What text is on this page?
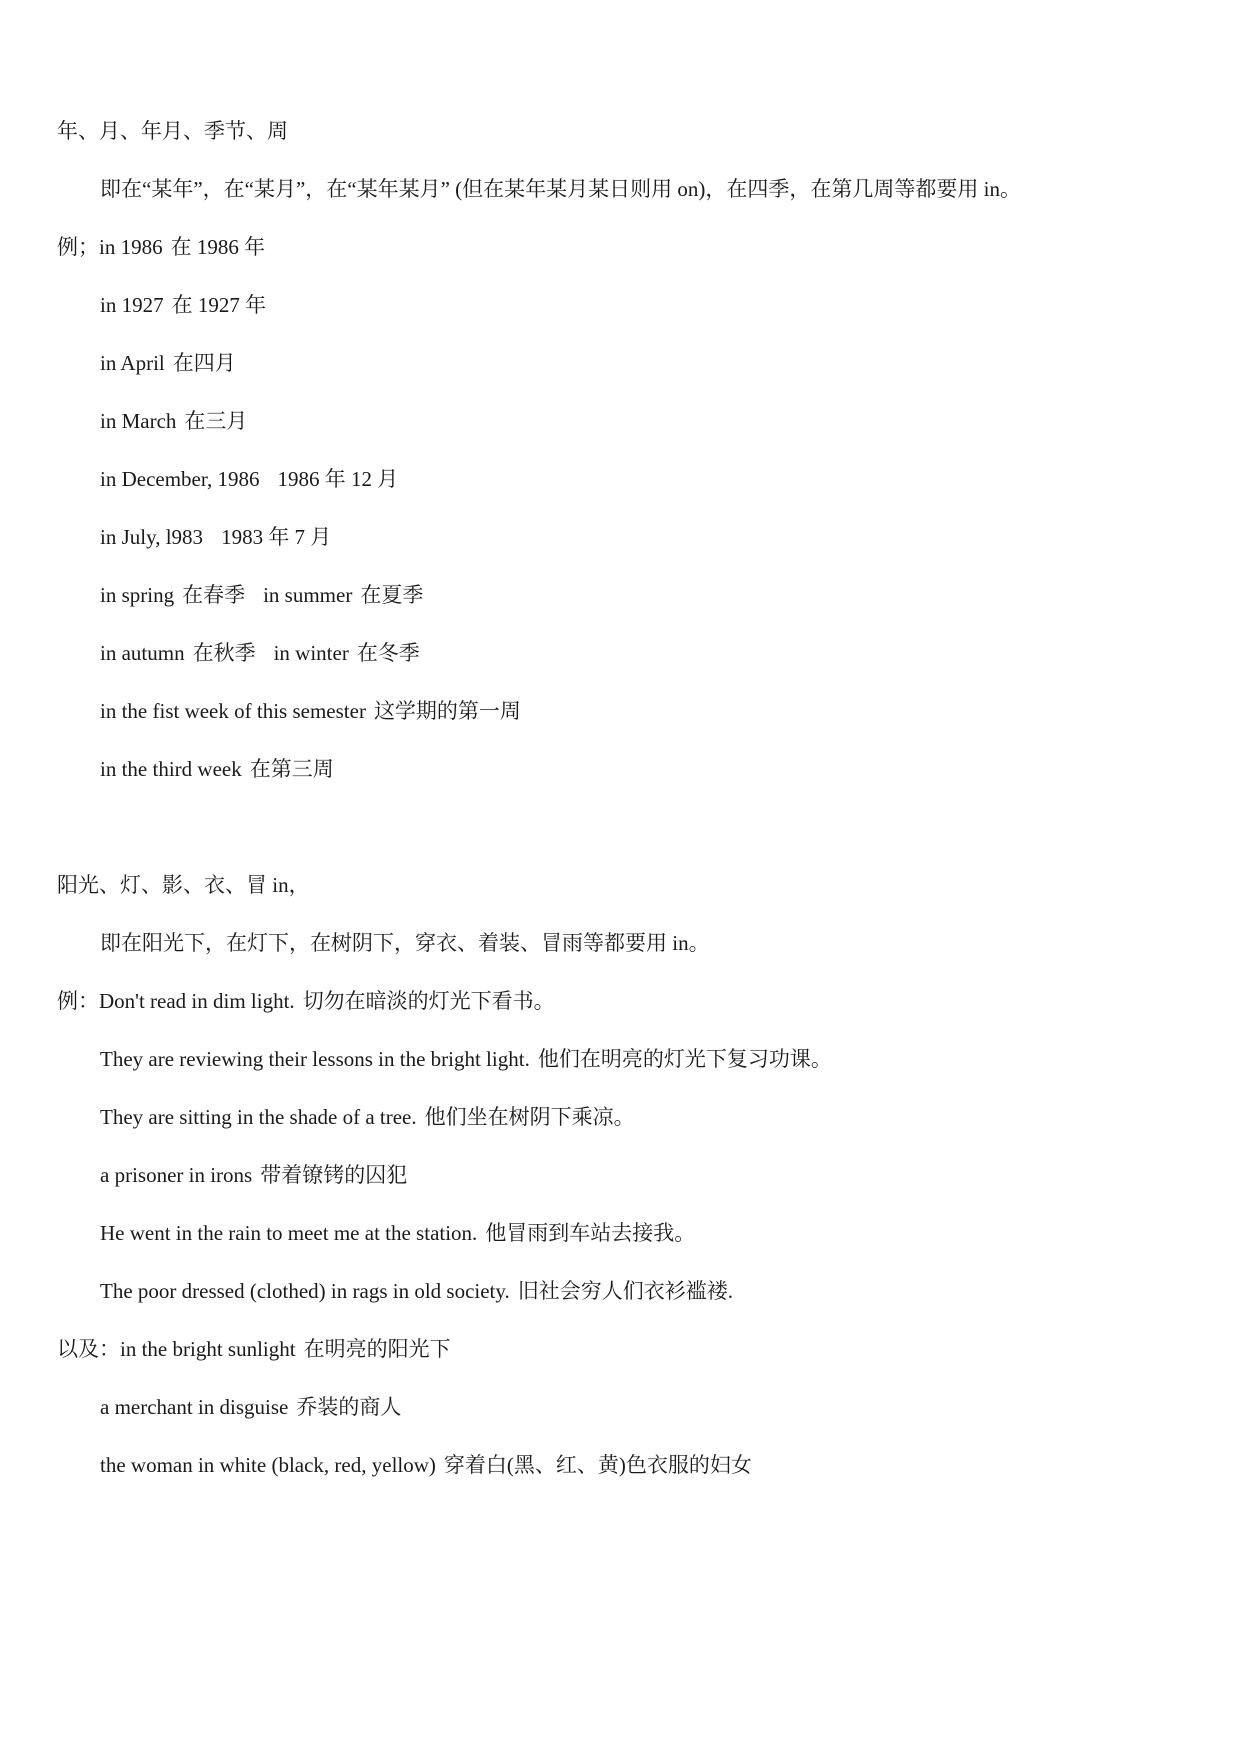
年、月、年月、季节、周
即在“某年”，在“某月”，在“某年某月” (但在某年某月某日则用 on)，在四季，在第几周等都要用 in。
例；in 1986 在 1986 年
in 1927 在 1927 年
in April 在四月
in March 在三月
in December, 1986 1986 年 12 月
in July, l983 1983 年 7 月
in spring 在春季 in summer 在夏季
in autumn 在秋季 in winter 在冬季
in the fist week of this semester 这学期的第一周
in the third week 在第三周
阳光、灯、影、衣、冒 in，
即在阳光下，在灯下，在树阴下，穿衣、着装、冒雨等都要用 in。
例：Don't read in dim light. 切勿在暗淡的灯光下看书。
They are reviewing their lessons in the bright light. 他们在明亮的灯光下复习功课。
They are sitting in the shade of a tree. 他们坐在树阴下乘凉。
a prisoner in irons 带着镣铐的囚犯
He went in the rain to meet me at the station. 他冒雨到车站去接我。
The poor dressed (clothed) in rags in old society. 旧社会穷人们衣衫褴褛.
以及：in the bright sunlight 在明亮的阳光下
a merchant in disguise 乔装的商人
the woman in white (black, red, yellow) 穿着白(黑、红、黄)色衣服的妇女
